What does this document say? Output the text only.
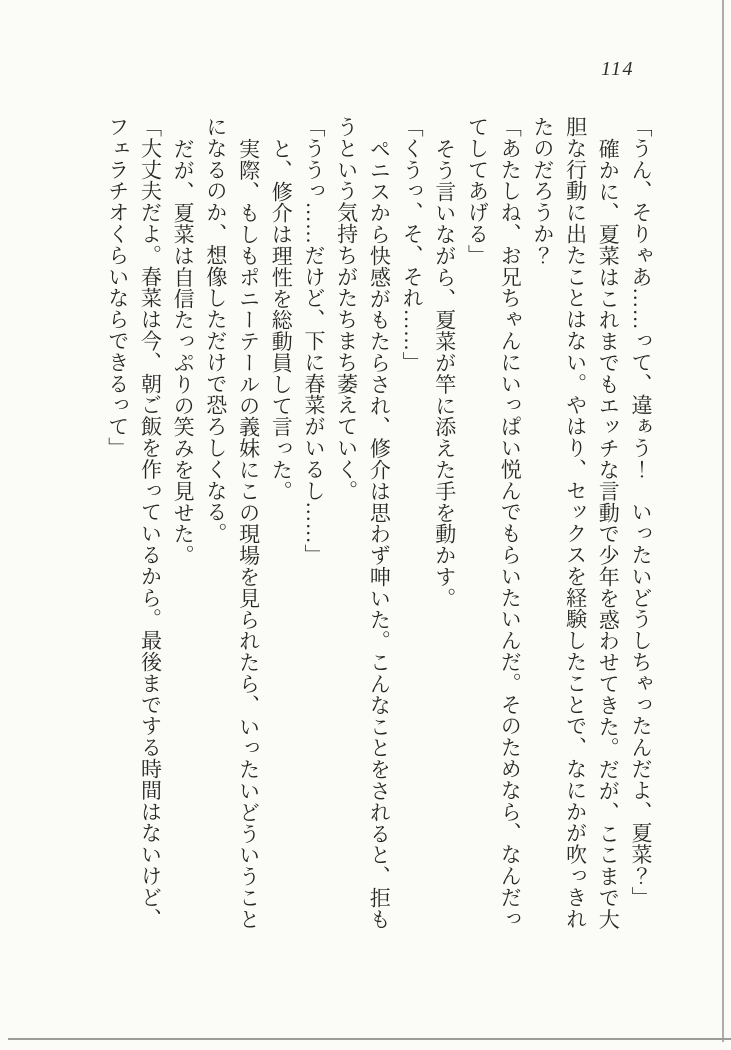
114
「うん、そりゃあ……って、違ぁう！　いったいどうしちゃったんだよ、夏菜？」
確かに、夏菜はこれまでもエッチな言動で少年を惑わせてきた。だが、ここまで大
胆な行動に出たことはない。やはり、セックスを経験したことで、なにかが吹っきれ
たのだろうか？
「あたしね、お兄ちゃんにいっぱい悦んでもらいたいんだ。そのためなら、なんだっ
てしてあげる」
そう言いながら、夏菜が竿に添えた手を動かす。
「くうっ、そ、それ……」
ペニスから快感がもたらされ、修介は思わず呻いた。こんなことをされると、拒も
うという気持ちがたちまち萎えていく。
「ううっ……だけど、下に春菜がいるし……」
と、修介は理性を総動員して言った。
実際、もしもポニーテールの義妹にこの現場を見られたら、いったいどういうこと
になるのか、想像しただけで恐ろしくなる。
だが、夏菜は自信たっぷりの笑みを見せた。
「大丈夫だよ。春菜は今、朝ご飯を作っているから。最後までする時間はないけど、
フェラチオくらいならできるって」
